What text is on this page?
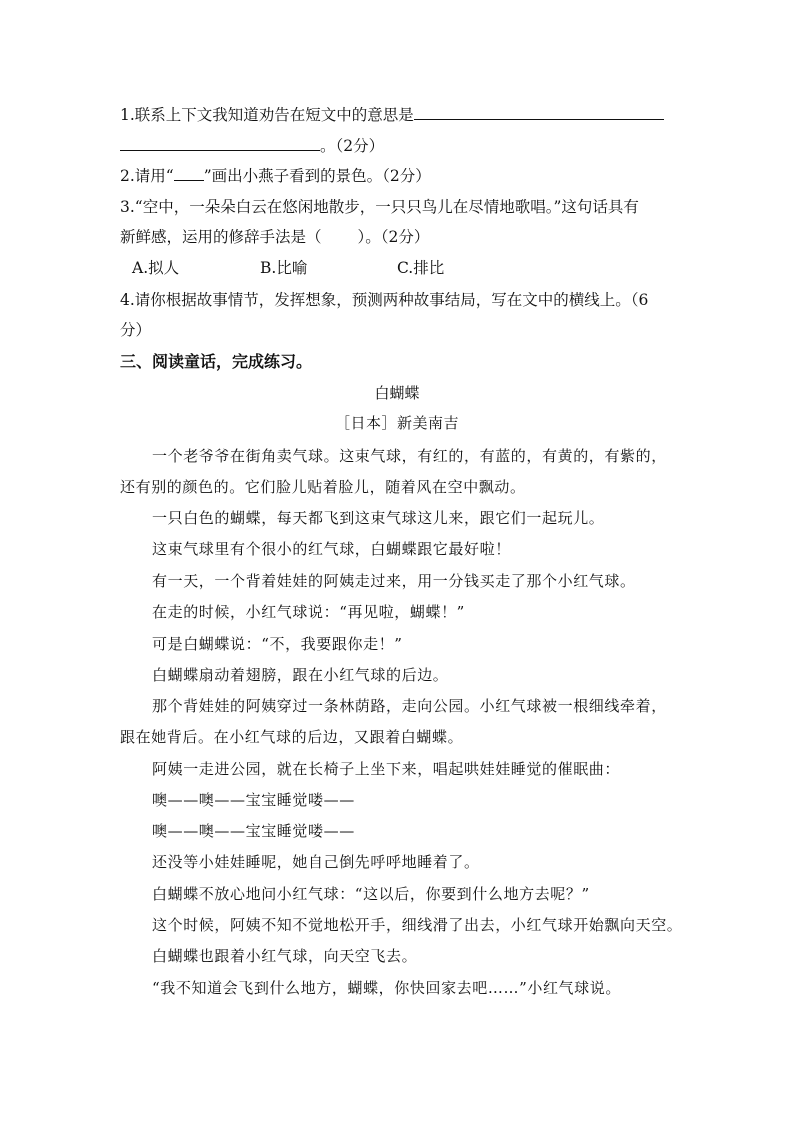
1.联系上下文我知道劝告在短文中的意思是
。（2分）
2.请用“ ”画出小燕子看到的景色。（2分）
3.“空中，一朵朵白云在悠闲地散步，一只只鸟儿在尽情地歌唱。”这句话具有
新鲜感，运用的修辞手法是（ ）。（2分）
A.拟人	B.比喻	C.排比
4.请你根据故事情节，发挥想象，预测两种故事结局，写在文中的横线上。（6
分）
三、阅读童话，完成练习。
白蝴蝶
［日本］新美南吉
一个老爷爷在街角卖气球。这束气球，有红的，有蓝的，有黄的，有紫的，
还有别的颜色的。它们脸儿贴着脸儿，随着风在空中飘动。
一只白色的蝴蝶，每天都飞到这束气球这儿来，跟它们一起玩儿。
这束气球里有个很小的红气球，白蝴蝶跟它最好啦！
有一天，一个背着娃娃的阿姨走过来，用一分钱买走了那个小红气球。
在走的时候，小红气球说：“再见啦，蝴蝶！”
可是白蝴蝶说：“不，我要跟你走！”
白蝴蝶扇动着翅膀，跟在小红气球的后边。
那个背娃娃的阿姨穿过一条林荫路，走向公园。小红气球被一根细线牵着，
跟在她背后。在小红气球的后边，又跟着白蝴蝶。
阿姨一走进公园，就在长椅子上坐下来，唱起哄娃娃睡觉的催眠曲：
噢——噢——宝宝睡觉喽——
噢——噢——宝宝睡觉喽——
还没等小娃娃睡呢，她自己倒先呼呼地睡着了。
白蝴蝶不放心地问小红气球：“这以后，你要到什么地方去呢？”
这个时候，阿姨不知不觉地松开手，细线滑了出去，小红气球开始飘向天空。
白蝴蝶也跟着小红气球，向天空飞去。
“我不知道会飞到什么地方，蝴蝶，你快回家去吧……”小红气球说。
